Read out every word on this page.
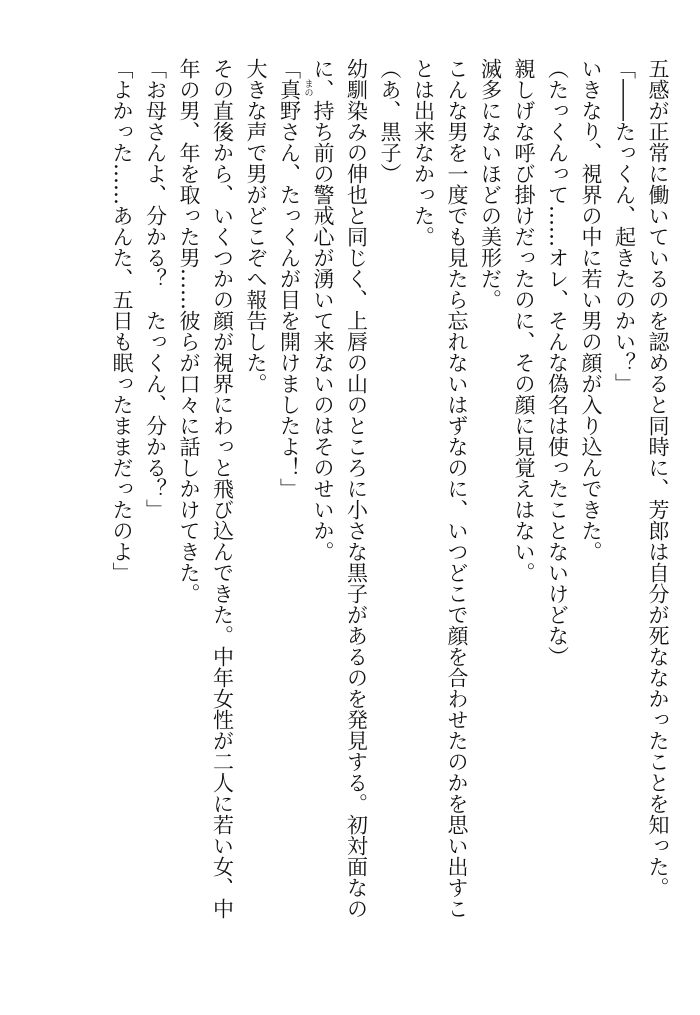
五感が正常に働いているのを認めると同時に、芳郎は自分が死ななかったことを知った。
「――たっくん、起きたのかい？」
いきなり、視界の中に若い男の顔が入り込んできた。
（たっくんって……オレ、そんな偽名は使ったことないけどな）
親しげな呼び掛けだったのに、その顔に見覚えはない。
滅多にないほどの美形だ。
こんな男を一度でも見たら忘れないはずなのに、いつどこで顔を合わせたのかを思い出すこ
とは出来なかった。
（あ、黒子）
幼馴染みの伸也と同じく、上唇の山のところに小さな黒子があるのを発見する。初対面なの
に、持ち前の警戒心が湧いて来ないのはそのせいか。
「真野 まの
さん、たっくんが目を開けましたよ！」
大きな声で男がどこぞへ報告した。
その直後から、いくつかの顔が視界にわっと飛び込んできた。中年女性が二人に若い女、中
年の男、年を取った男……彼らが口々に話しかけてきた。
「お母さんよ、分かる？　たっくん、分かる？」
「よかった……あんた、五日も眠ったままだったのよ」
